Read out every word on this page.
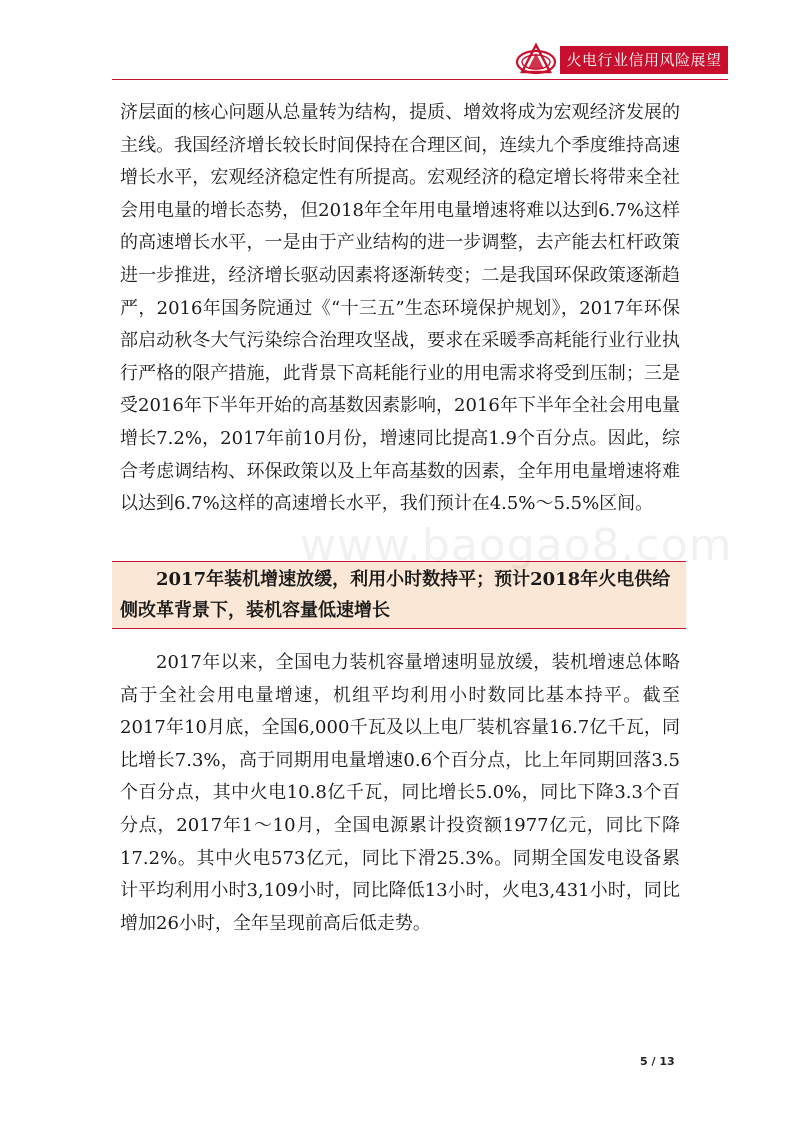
火电行业信用风险展望

济层面的核心问题从总量转为结构，提质、增效将成为宏观经济发展的主线。我国经济增长较长时间保持在合理区间，连续九个季度维持高速增长水平，宏观经济稳定性有所提高。宏观经济的稳定增长将带来全社会用电量的增长态势，但2018年全年用电量增速将难以达到6.7%这样的高速增长水平，一是由于产业结构的进一步调整，去产能去杠杆政策进一步推进，经济增长驱动因素将逐渐转变；二是我国环保政策逐渐趋严，2016年国务院通过《“十三五”生态环境保护规划》，2017年环保部启动秋冬大气污染综合治理攻坚战，要求在采暖季高耗能行业行业执行严格的限产措施，此背景下高耗能行业的用电需求将受到压制；三是受2016年下半年开始的高基数因素影响，2016年下半年全社会用电量增长7.2%，2017年前10月份，增速同比提高1.9个百分点。因此，综合考虑调结构、环保政策以及上年高基数的因素，全年用电量增速将难以达到6.7%这样的高速增长水平，我们预计在4.5%～5.5%区间。

2017年装机增速放缓，利用小时数持平；预计2018年火电供给侧改革背景下，装机容量低速增长

2017年以来，全国电力装机容量增速明显放缓，装机增速总体略高于全社会用电量增速，机组平均利用小时数同比基本持平。截至2017年10月底，全国6,000千瓦及以上电厂装机容量16.7亿千瓦，同比增长7.3%，高于同期用电量增速0.6个百分点，比上年同期回落3.5个百分点，其中火电10.8亿千瓦，同比增长5.0%，同比下降3.3个百分点，2017年1～10月，全国电源累计投资额1977亿元，同比下降17.2%。其中火电573亿元，同比下滑25.3%。同期全国发电设备累计平均利用小时3,109小时，同比降低13小时，火电3,431小时，同比增加26小时，全年呈现前高后低走势。

www.baogao8.com
5 / 13
